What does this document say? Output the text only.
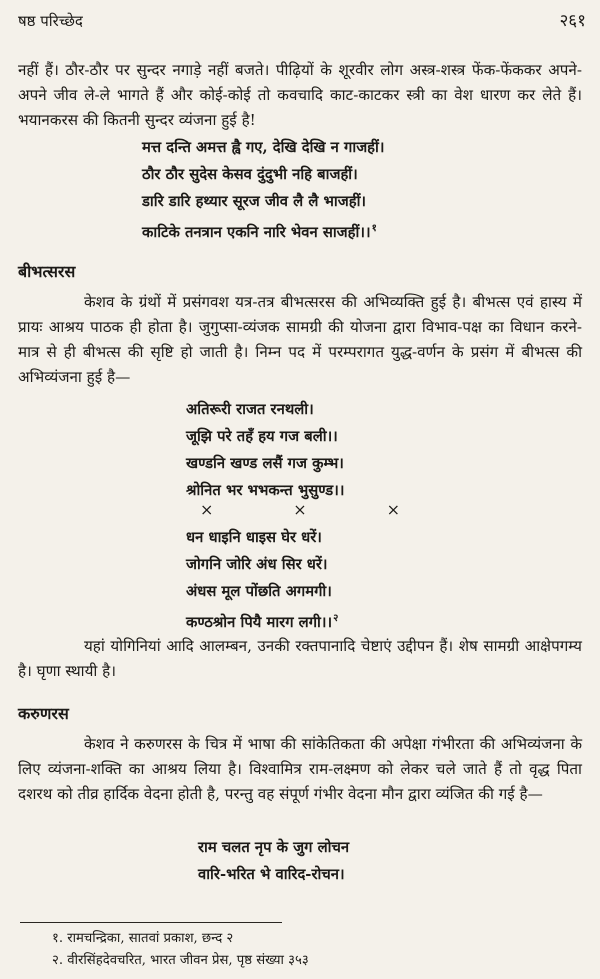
षष्ठ परिच्छेद	२६१

नहीं हैं। ठौर-ठौर पर सुन्दर नगाड़े नहीं बजते। पीढ़ियों के शूरवीर लोग अस्त्र-शस्त्र फेंक-फेंककर अपने-अपने जीव ले-ले भागते हैं और कोई-कोई तो कवचादि काट-काटकर स्त्री का वेश धारण कर लेते हैं। भयानकरस की कितनी सुन्दर व्यंजना हुई है!

मत्त दन्ति अमत्त ह्वै गए, देखि देखि न गाजहीं।
ठौर ठौर सुदेस केसव दुंदुभी नहि बाजहीं।
डारि डारि हथ्यार सूरज जीव लै लै भाजहीं।
काटिके तनत्रान एकनि नारि भेवन साजहीं।।$^१$
बीभत्सरस

केशव के ग्रंथों में प्रसंगवश यत्र-तत्र बीभत्सरस की अभिव्यक्ति हुई है। बीभत्स एवं हास्य में प्रायः आश्रय पाठक ही होता है। जुगुप्सा-व्यंजक सामग्री की योजना द्वारा विभाव-पक्ष का विधान करने-मात्र से ही बीभत्स की सृष्टि हो जाती है। निम्न पद में परम्परागत युद्ध-वर्णन के प्रसंग में बीभत्स की अभिव्यंजना हुई है—

अतिरूरी राजत रनथली।
जूझि परे तहँ हय गज बली।।
खण्डनि खण्ड लसैं गज कुम्भ।
श्रोनित भर भभकन्त भुसुण्ड।।
×	×	×
धन धाइनि धाइस घेर धरें।
जोगनि जोरि अंध सिर धरें।
अंधस मूल पोंछति अगमगी।
कण्ठश्रोन पियै मारग लगी।।$^२$

यहां योगिनियां आदि आलम्बन, उनकी रक्तपानादि चेष्टाएं उद्दीपन हैं। शेष सामग्री आक्षेपगम्य है। घृणा स्थायी है।

करुणरस

केशव ने करुणरस के चित्र में भाषा की सांकेतिकता की अपेक्षा गंभीरता की अभिव्यंजना के लिए व्यंजना-शक्ति का आश्रय लिया है। विश्वामित्र राम-लक्ष्मण को लेकर चले जाते हैं तो वृद्ध पिता दशरथ को तीव्र हार्दिक वेदना होती है, परन्तु वह संपूर्ण गंभीर वेदना मौन द्वारा व्यंजित की गई है—

राम चलत नृप के जुग लोचन
वारि-भरित भे वारिद-रोचन।
१. रामचन्द्रिका, सातवां प्रकाश, छन्द २
२. वीरसिंहदेवचरित, भारत जीवन प्रेस, पृष्ठ संख्या ३५३
